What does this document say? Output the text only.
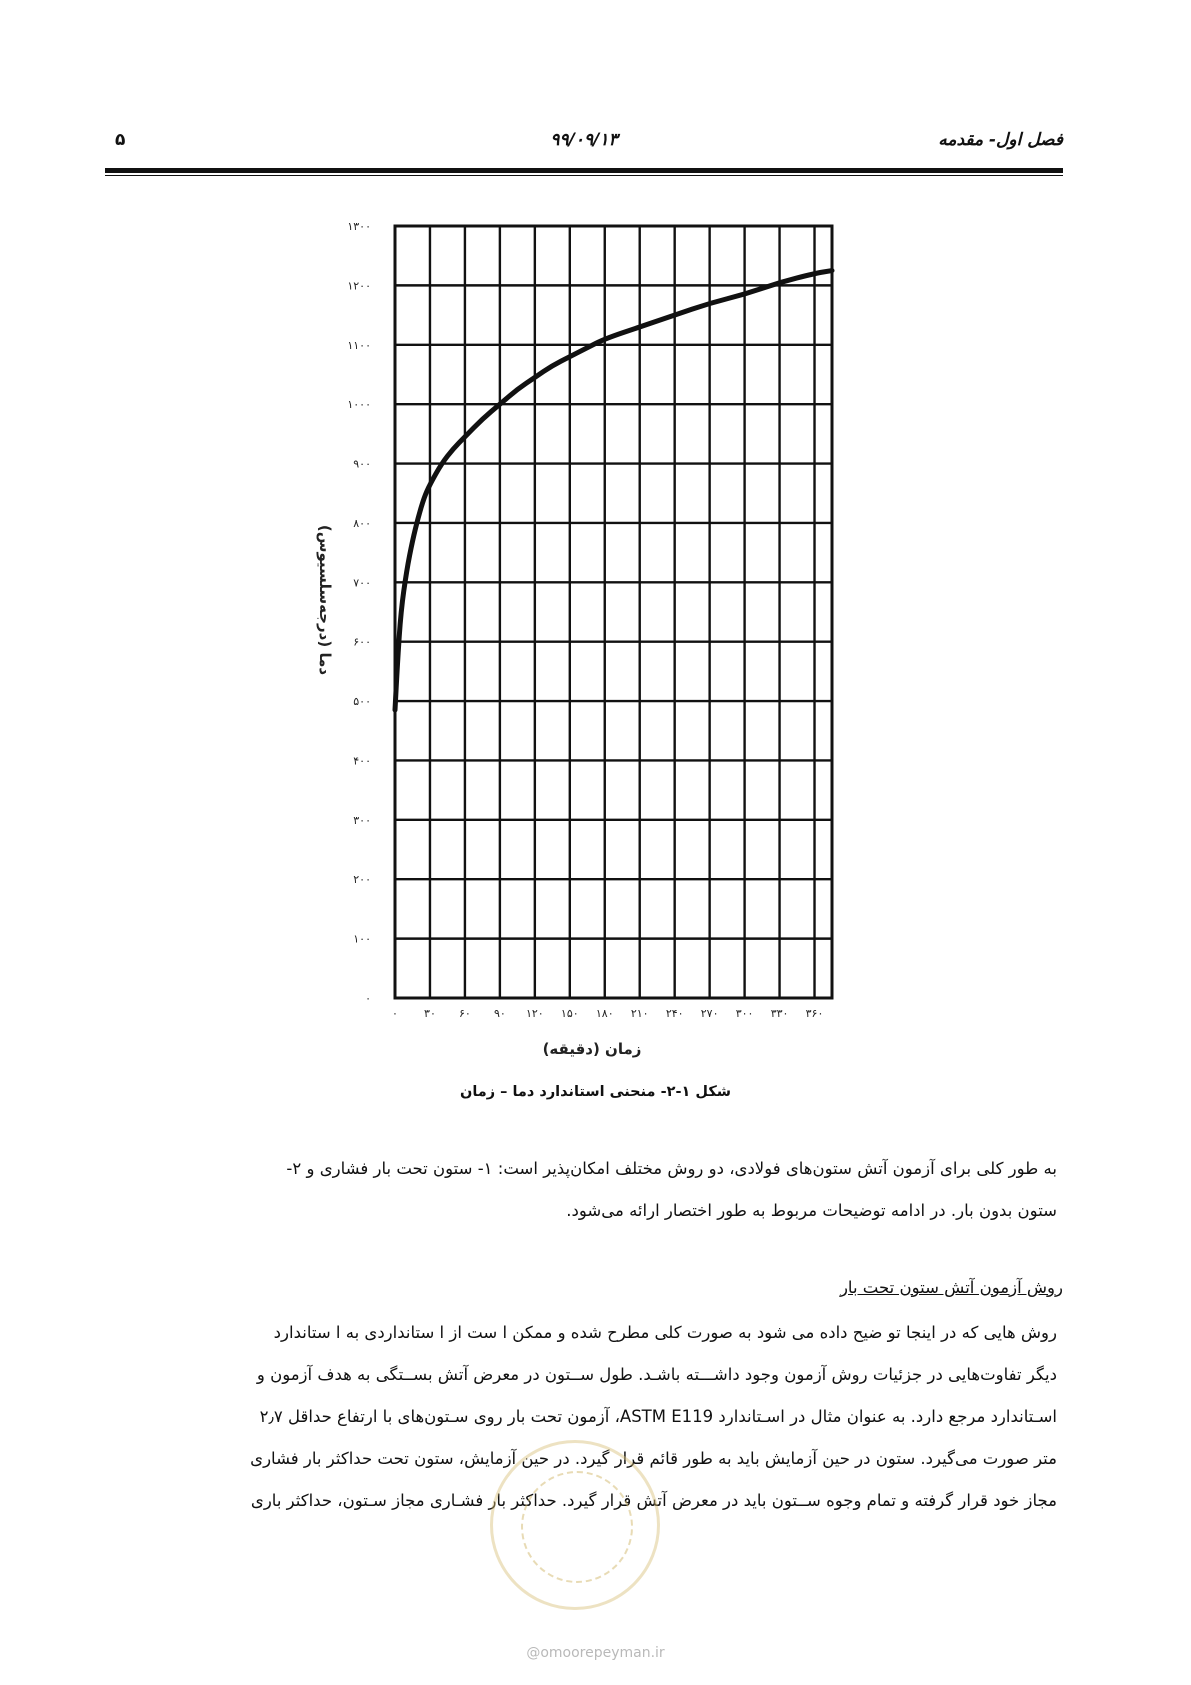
فصل اول- مقدمه
۹۹/۰۹/۱۳
۵
۰ ۳۰ ۶۰ ۹۰ ۱۲۰ ۱۵۰ ۱۸۰ ۲۱۰ ۲۴۰ ۲۷۰ ۳۰۰ ۳۳۰ ۳۶۰
۰
۱۰۰
۲۰۰
۳۰۰
۴۰۰
۵۰۰
۶۰۰
۷۰۰
۸۰۰
۹۰۰
۱۰۰۰
۱۱۰۰
۱۲۰۰
۱۳۰۰
زمان (دقیقه)
دما (درجه‌سلسیوس)
شکل ۱-۲- منحنی استاندارد دما – زمان

به طور کلی برای آزمون آتش ستون‌های فولادی، دو روش مختلف امکان‌پذیر است: ۱- ستون تحت بار فشاری و ۲-

ستون بدون بار. در ادامه توضیحات مربوط به طور اختصار ارائه می‌شود.

روش آزمون آتش ستون تحت بار

روش هایی که در اینجا تو ضیح داده می شود به صورت کلی مطرح شده و ممکن ا ست از ا ستانداردی به ا ستاندارد

دیگر تفاوت‌هایی در جزئیات روش آزمون وجود داشـــته باشـد. طول ســتون در معرض آتش بســتگی به هدف آزمون و

اسـتاندارد مرجع دارد. به عنوان مثال در اسـتاندارد ASTM E119، آزمون تحت بار روی سـتون‌های با ارتفاع حداقل ۲٫۷

متر صورت می‌گیرد. ستون در حین آزمایش باید به طور قائم قرار گیرد. در حین آزمایش، ستون تحت حداکثر بار فشاری

مجاز خود قرار گرفته و تمام وجوه ســتون باید در معرض آتش قرار گیرد. حداکثر بار فشـاری مجاز سـتون، حداکثر باری

@omoorepeyman.ir
